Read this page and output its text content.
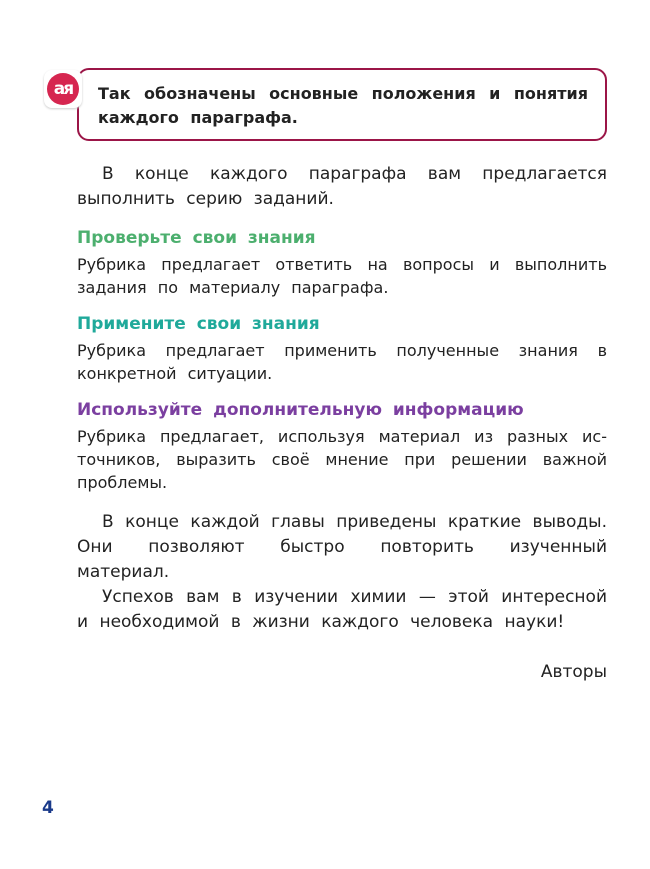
ая	Так обозначены основные положения и понятия каждого параграфа.
В конце каждого параграфа вам предлагается выполнить серию заданий.
Проверьте свои знания
Рубрика предлагает ответить на вопросы и выполнить задания по материалу параграфа.
Примените свои знания
Рубрика предлагает применить полученные знания в конкретной ситуации.
Используйте дополнительную информацию
Рубрика предлагает, используя материал из разных источников, выразить своё мнение при решении важной проблемы.
В конце каждой главы приведены краткие выводы. Они позволяют быстро повторить изученный материал.
Успехов вам в изучении химии — этой интересной и необходимой в жизни каждого человека науки!
Авторы
4
